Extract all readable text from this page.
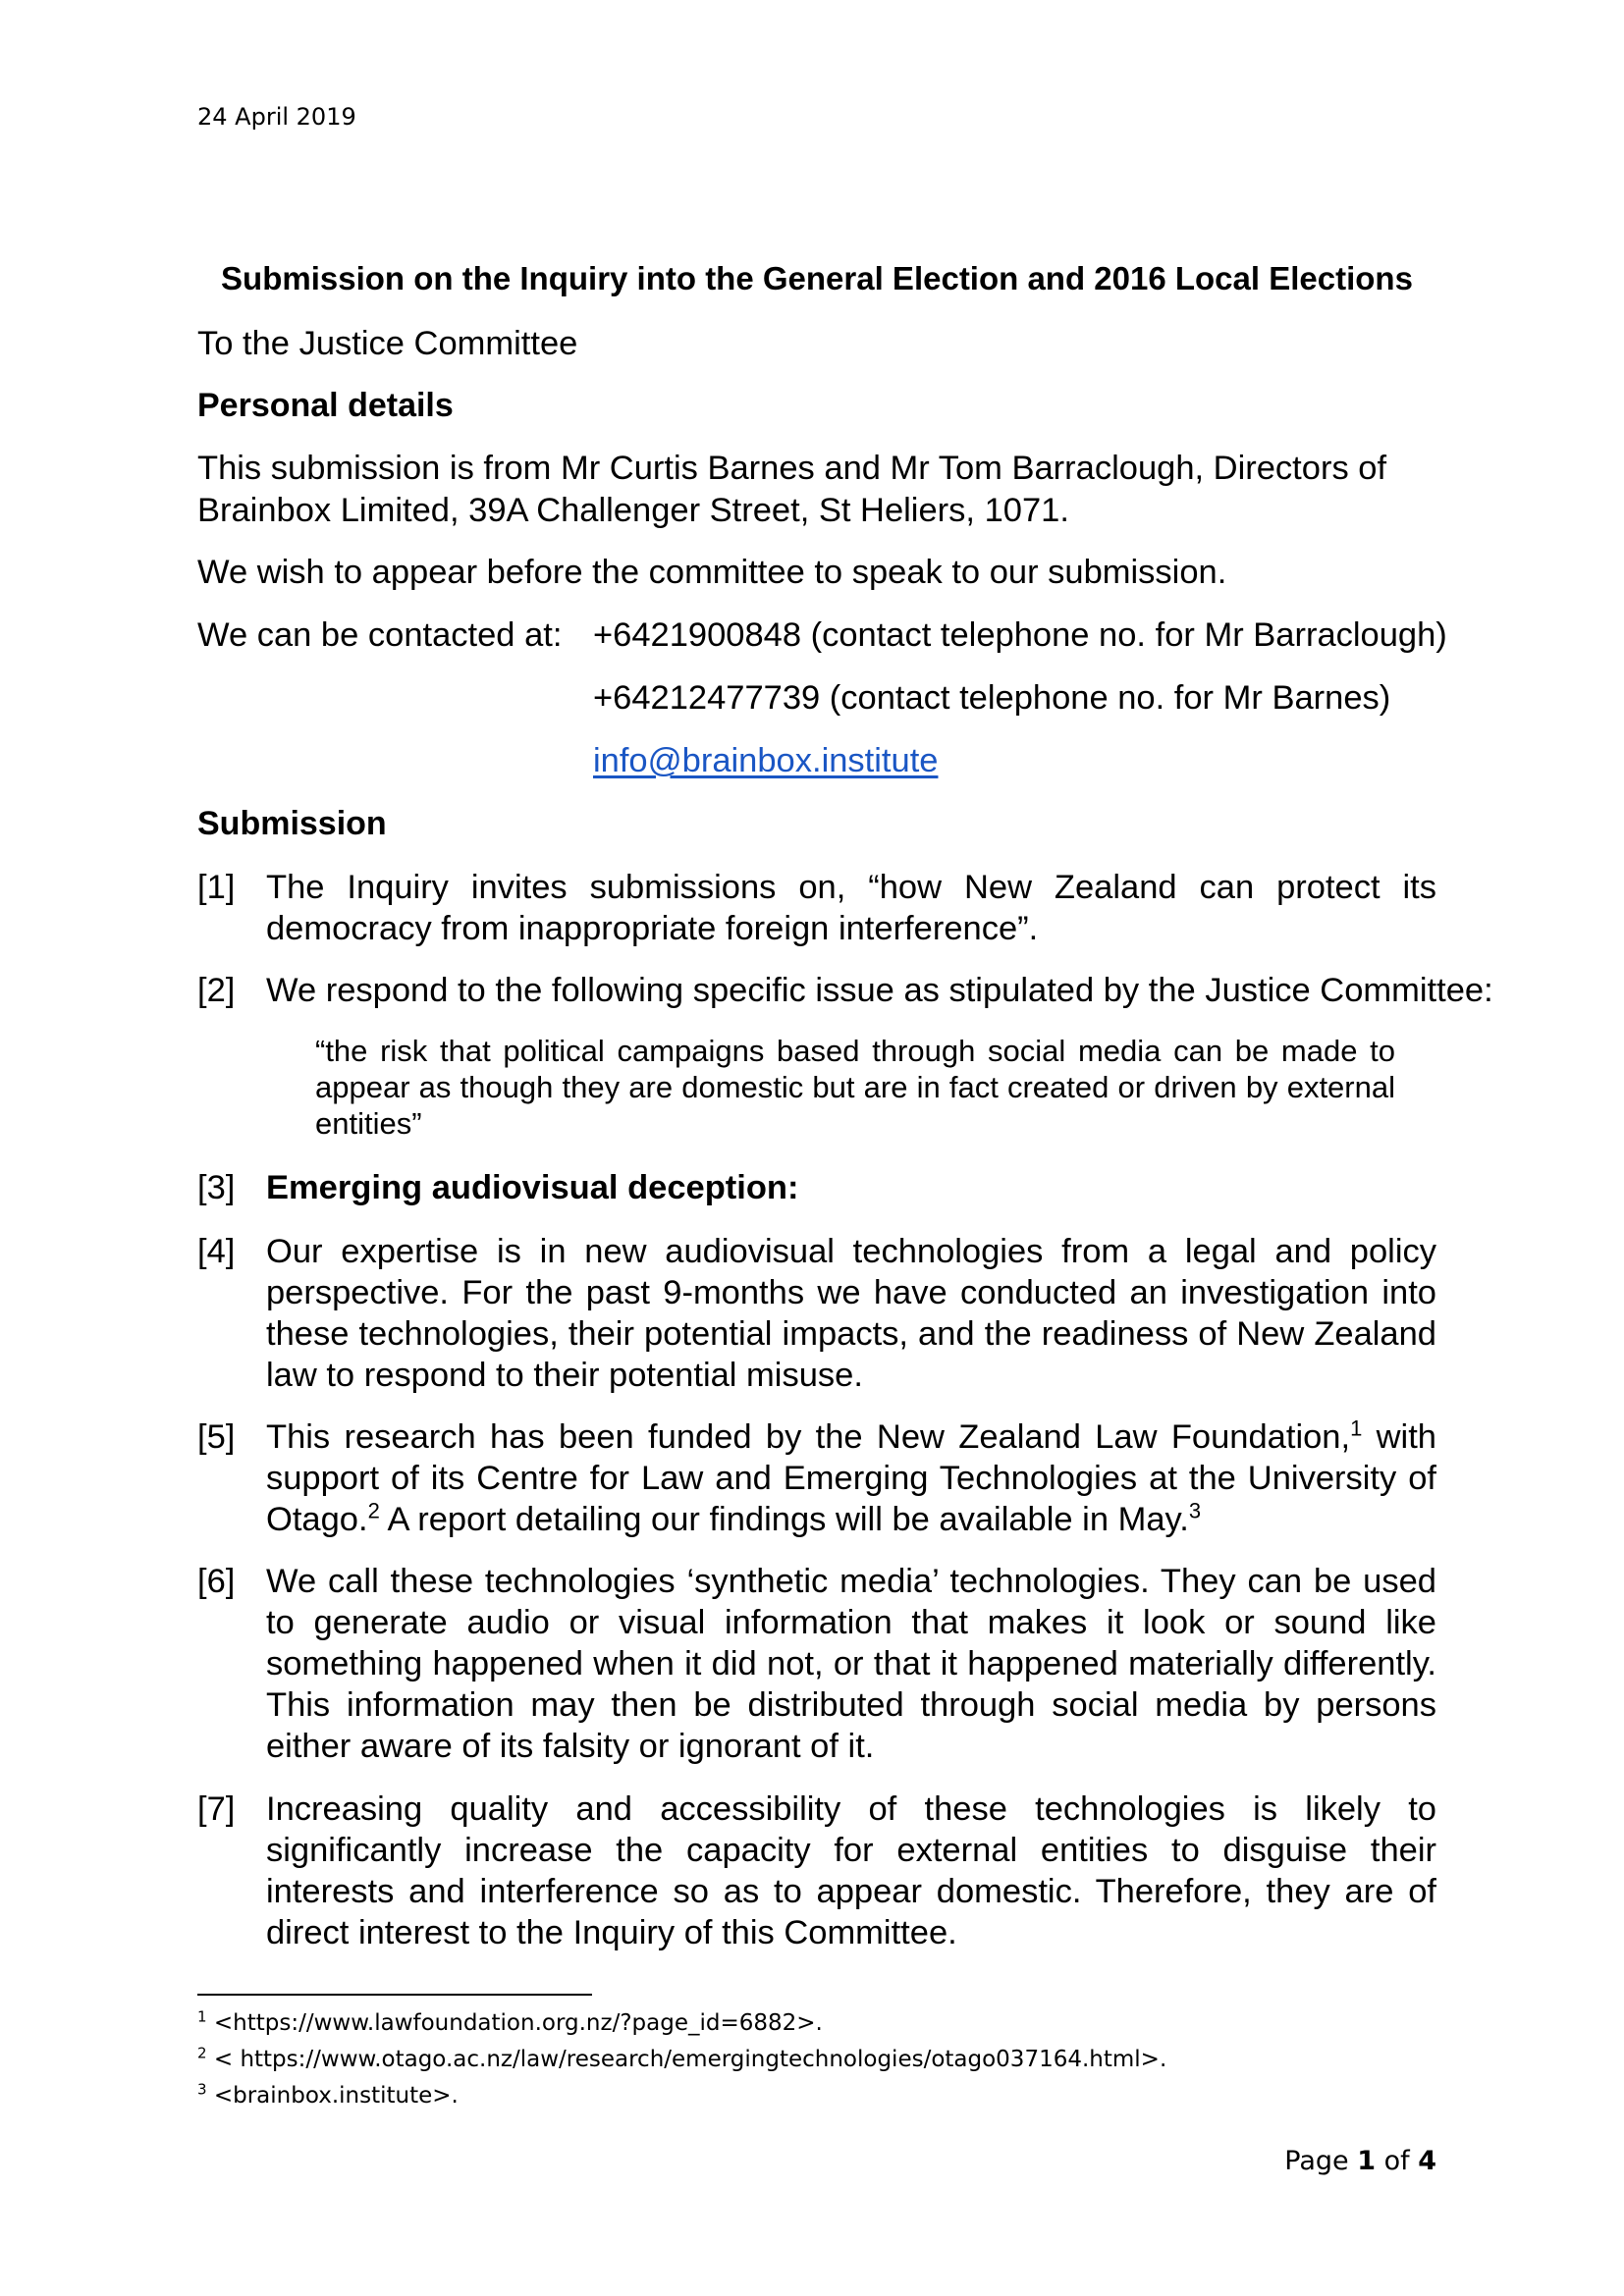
24 April 2019
Submission on the Inquiry into the General Election and 2016 Local Elections
To the Justice Committee
Personal details
This submission is from Mr Curtis Barnes and Mr Tom Barraclough, Directors of
Brainbox Limited, 39A Challenger Street, St Heliers, 1071.
We wish to appear before the committee to speak to our submission.
We can be contacted at: +6421900848 (contact telephone no. for Mr Barraclough)
+64212477739 (contact telephone no. for Mr Barnes)
info@brainbox.institute
Submission
[1] The Inquiry invites submissions on, “how New Zealand can protect its democracy from inappropriate foreign interference”.
[2] We respond to the following specific issue as stipulated by the Justice Committee:
“the risk that political campaigns based through social media can be made to appear as though they are domestic but are in fact created or driven by external entities”
[3] Emerging audiovisual deception:
[4] Our expertise is in new audiovisual technologies from a legal and policy perspective. For the past 9-months we have conducted an investigation into these technologies, their potential impacts, and the readiness of New Zealand law to respond to their potential misuse.
[5] This research has been funded by the New Zealand Law Foundation,$^1$ with support of its Centre for Law and Emerging Technologies at the University of Otago.$^2$ A report detailing our findings will be available in May.$^3$
[6] We call these technologies ‘synthetic media’ technologies. They can be used to generate audio or visual information that makes it look or sound like something happened when it did not, or that it happened materially differently. This information may then be distributed through social media by persons either aware of its falsity or ignorant of it.
[7] Increasing quality and accessibility of these technologies is likely to significantly increase the capacity for external entities to disguise their interests and interference so as to appear domestic. Therefore, they are of direct interest to the Inquiry of this Committee.
$^1$ <https://www.lawfoundation.org.nz/?page_id=6882>.
$^2$ < https://www.otago.ac.nz/law/research/emergingtechnologies/otago037164.html>.
$^3$ <brainbox.institute>.
Page 1 of 4
